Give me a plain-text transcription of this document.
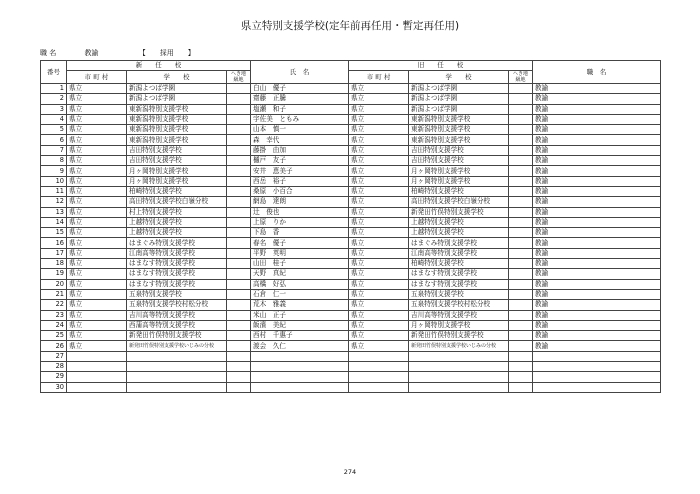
県立特別支援学校(定年前再任用・暫定再任用)
職 名	教諭	【　　採用　　】
番号	新　　任　　校			氏　名	旧　　任　　校			職　名
	市 町 村	学　　校	へき地級地		市 町 村	学　　校	へき地級地	
1	県立	新潟よつば学園		白山　優子	県立	新潟よつば学園		教諭
2	県立	新潟よつば学園		齋藤　正騰	県立	新潟よつば学園		教諭
3	県立	東新潟特別支援学校		塩瀬　和子	県立	新潟よつば学園		教諭
4	県立	東新潟特別支援学校		宇佐美　ともみ	県立	東新潟特別支援学校		教諭
5	県立	東新潟特別支援学校		山本　慎一	県立	東新潟特別支援学校		教諭
6	県立	東新潟特別支援学校		森　幸代	県立	東新潟特別支援学校		教諭
7	県立	吉田特別支援学校		藤掛　由加	県立	吉田特別支援学校		教諭
8	県立	吉田特別支援学校		樋戸　友子	県立	吉田特別支援学校		教諭
9	県立	月ヶ岡特別支援学校		安井　恵美子	県立	月ヶ岡特別支援学校		教諭
10	県立	月ヶ岡特別支援学校		西岳　裕子	県立	月ヶ岡特別支援学校		教諭
11	県立	柏崎特別支援学校		桑原　小百合	県立	柏崎特別支援学校		教諭
12	県立	高田特別支援学校白嶺分校		網島　達朗	県立	高田特別支援学校白嶺分校		教諭
13	県立	村上特別支援学校		辻　俊也	県立	新発田竹俣特別支援学校		教諭
14	県立	上越特別支援学校		上原　りか	県立	上越特別支援学校		教諭
15	県立	上越特別支援学校		下島　香	県立	上越特別支援学校		教諭
16	県立	はまぐみ特別支援学校		春名　優子	県立	はまぐみ特別支援学校		教諭
17	県立	江南高等特別支援学校		平野　英明	県立	江南高等特別支援学校		教諭
18	県立	はまなす特別支援学校		山田　桂子	県立	柏崎特別支援学校		教諭
19	県立	はまなす特別支援学校		天野　真紀	県立	はまなす特別支援学校		教諭
20	県立	はまなす特別支援学校		高橋　好弘	県立	はまなす特別支援学校		教諭
21	県立	五泉特別支援学校		石倉　仁一	県立	五泉特別支援学校		教諭
22	県立	五泉特別支援学校村松分校		荒木　雅義	県立	五泉特別支援学校村松分校		教諭
23	県立	吉川高等特別支援学校		米山　正子	県立	吉川高等特別支援学校		教諭
24	県立	西蒲高等特別支援学校		飯濱　美紀	県立	月ヶ岡特別支援学校		教諭
25	県立	新発田竹俣特別支援学校		西村　千惠子	県立	新発田竹俣特別支援学校		教諭
26	県立	新発田竹俣特別支援学校いじみの分校		渡会　久仁	県立	新発田竹俣特別支援学校いじみの分校		教諭
27								
28								
29								
30								
274
